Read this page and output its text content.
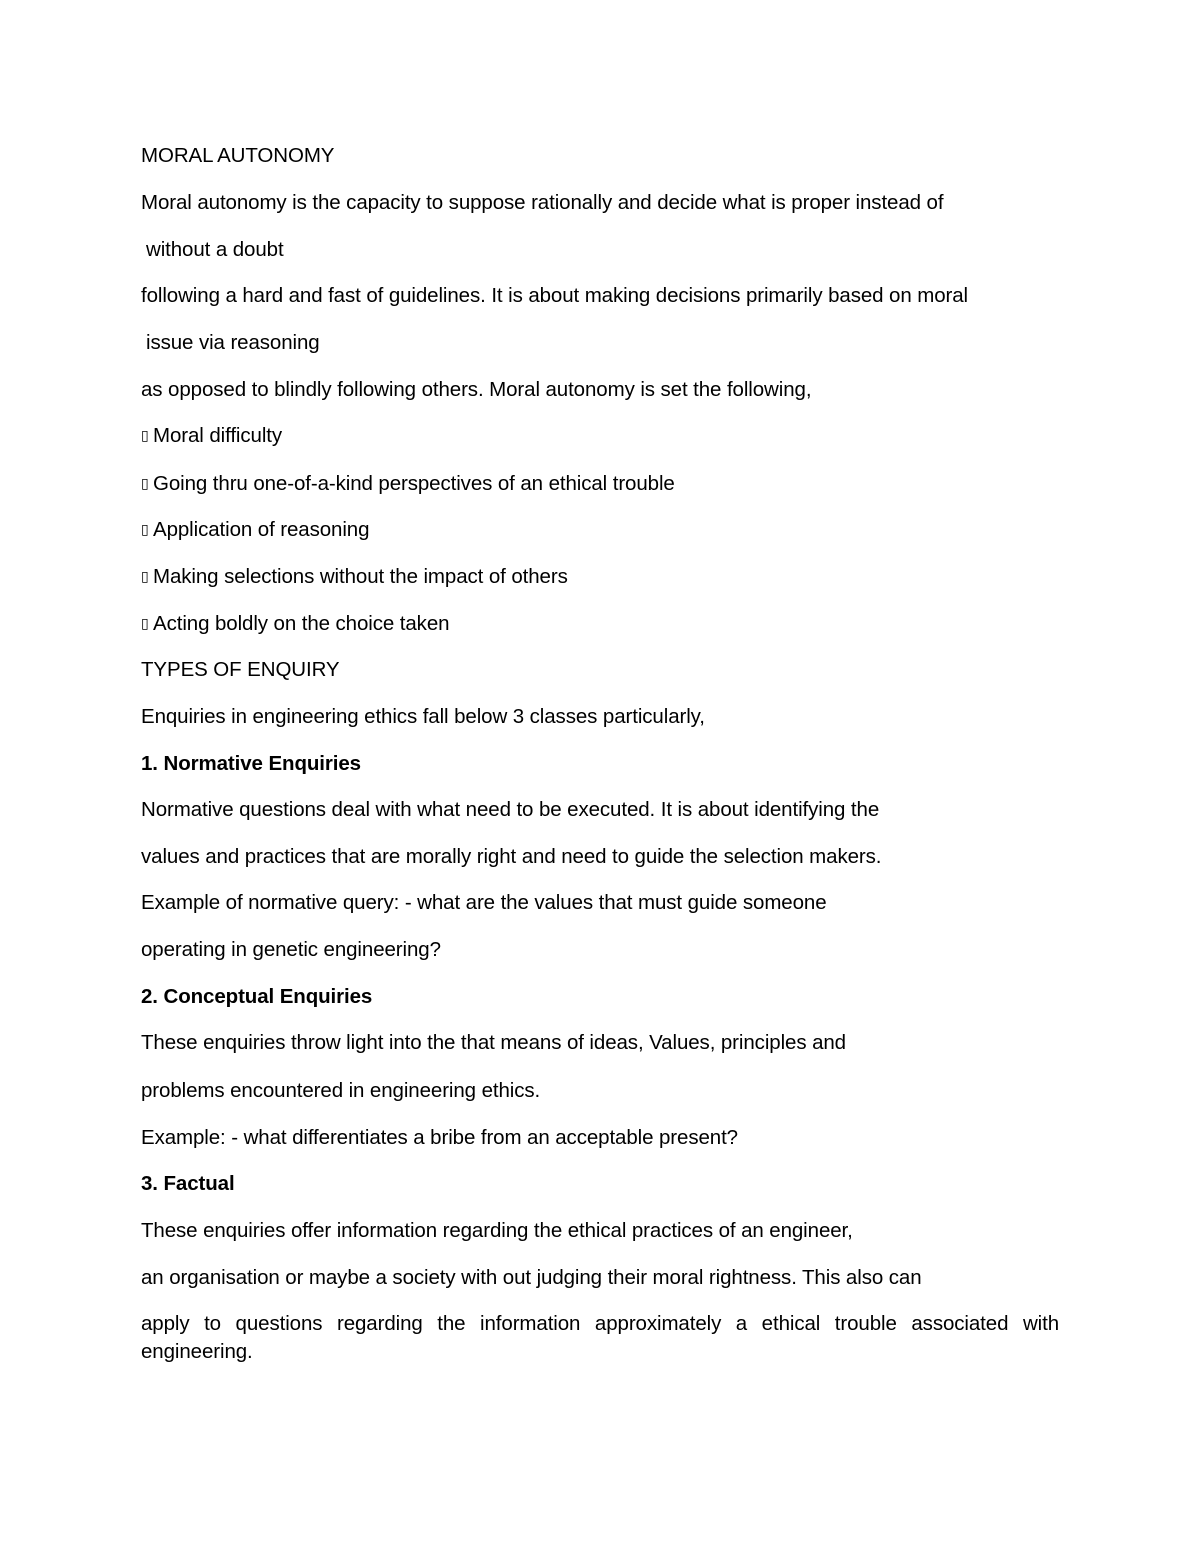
MORAL AUTONOMY

Moral autonomy is the capacity to suppose rationally and decide what is proper instead of

without a doubt

following a hard and fast of guidelines. It is about making decisions primarily based on moral

issue via reasoning

as opposed to blindly following others. Moral autonomy is set the following,

▯ Moral difficulty

▯ Going thru one-of-a-kind perspectives of an ethical trouble

▯ Application of reasoning

▯ Making selections without the impact of others

▯ Acting boldly on the choice taken

TYPES OF ENQUIRY

Enquiries in engineering ethics fall below 3 classes particularly,

1. Normative Enquiries

Normative questions deal with what need to be executed. It is about identifying the

values and practices that are morally right and need to guide the selection makers.

Example of normative query: - what are the values that must guide someone

operating in genetic engineering?

2. Conceptual Enquiries

These enquiries throw light into the that means of ideas, Values, principles and

problems encountered in engineering ethics.

Example: - what differentiates a bribe from an acceptable present?

3. Factual

These enquiries offer information regarding the ethical practices of an engineer,

an organisation or maybe a society with out judging their moral rightness. This also can

apply to questions regarding the information approximately a ethical trouble associated with engineering.
